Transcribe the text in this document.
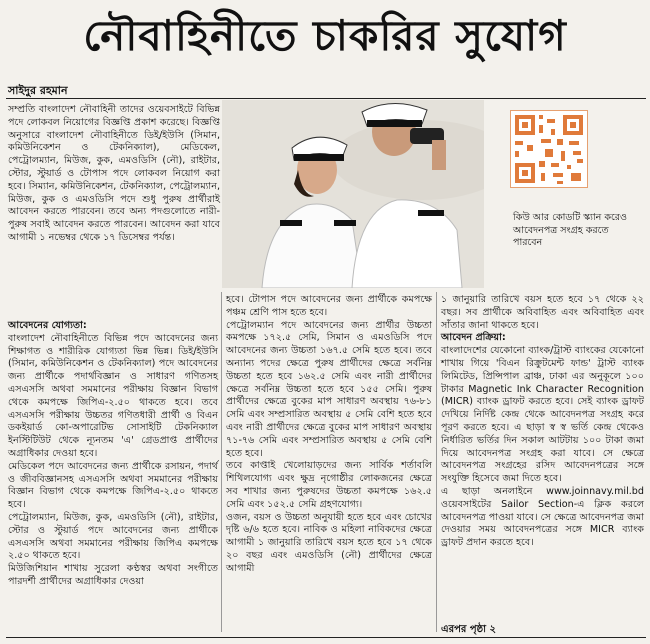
নৌবাহিনীতে চাকরির সুযোগ
সাইদুর রহমান

সম্প্রতি বাংলাদেশ নৌবাহিনী তাদের ওয়েবসাইটে বিভিন্ন পদে লোকবল নিয়োগের বিজ্ঞপ্তি প্রকাশ করেছে। বিজ্ঞপ্তি অনুসারে বাংলাদেশ নৌবাহিনীতে ডিই/ইউসি (সিমান, কমিউনিকেশন ও টেকনিক্যাল), মেডিকেল, পেট্রোলম্যান, মিউজ, কুক, এমওডিসি (নৌ), রাইটার, স্টোর, স্টুয়ার্ড ও টোপাস পদে লোকবল নিয়োগ করা হবে। সিম্যান, কমিউনিকেশন, টেকনিক্যাল, পেট্রোলম্যান, মিউজ, কুক ও এমওডিসি পদে শুধু পুরুষ প্রার্থীরাই আবেদন করতে পারবেন। তবে অন্য পদগুলোতে নারী-পুরুষ সবাই আবেদন করতে পারবেন। আবেদন করা যাবে আগামী ১ নভেম্বর থেকে ১৭ ডিসেম্বর পর্যন্ত।

কিউ আর কোডটি স্ক্যান করেও আবেদনপত্র সংগ্রহ করতে পারবেন

আবেদনের যোগ্যতা:

বাংলাদেশ নৌবাহিনীতে বিভিন্ন পদে আবেদনের জন্য শিক্ষাগত ও শারীরিক যোগ্যতা ভিন্ন ভিন্ন। ডিই/ইউসি (সিমান, কমিউনিকেশন ও টেকনিক্যাল) পদে আবেদনের জন্য প্রার্থীকে পদার্থবিজ্ঞান ও সাধারণ গণিতসহ এসএসসি অথবা সমমানের পরীক্ষায় বিজ্ঞান বিভাগ থেকে কমপক্ষে জিপিএ-২.৫০ থাকতে হবে। তবে এসএসসি পরীক্ষায় উচ্চতর গণিতধারী প্রার্থী ও বিএন ডকইয়ার্ড কো-অপারেটিভ সোসাইটি টেকনিক্যাল ইনস্টিটিউট থেকে ন্যূনতম 'এ' গ্রেডপ্রাপ্ত প্রার্থীদের অগ্রাধিকার দেওয়া হবে।

মেডিকেল পদে আবেদনের জন্য প্রার্থীকে রসায়ন, পদার্থ ও জীববিজ্ঞানসহ এসএসসি অথবা সমমানের পরীক্ষায় বিজ্ঞান বিভাগ থেকে কমপক্ষে জিপিএ-২.৫০ থাকতে হবে।

পেট্রোলম্যান, মিউজ, কুক, এমওডিসি (নৌ), রাইটার, স্টোর ও স্টুয়ার্ড পদে আবেদনের জন্য প্রার্থীকে এসএসসি অথবা সমমানের পরীক্ষায় জিপিএ কমপক্ষে ২.৫০ থাকতে হবে।

মিউজিশিয়ান শাখায় সুরেলা কণ্ঠস্বর অথবা সংগীতে পারদর্শী প্রার্থীদের অগ্রাধিকার দেওয়া

হবে। টোপাস পদে আবেদনের জন্য প্রার্থীকে কমপক্ষে পঞ্চম শ্রেণি পাস হতে হবে।

পেট্রোলম্যান পদে আবেদনের জন্য প্রার্থীর উচ্চতা কমপক্ষে ১৭২.৫ সেমি, সিমান ও এমওডিসি পদে আবেদনের জন্য উচ্চতা ১৬৭.৫ সেমি হতে হবে। তবে অন্যান্য পদের ক্ষেত্রে পুরুষ প্রার্থীদের ক্ষেত্রে সর্বনিম্ন উচ্চতা হতে হবে ১৬২.৫ সেমি এবং নারী প্রার্থীদের ক্ষেত্রে সর্বনিম্ন উচ্চতা হতে হবে ১৫৫ সেমি। পুরুষ প্রার্থীদের ক্ষেত্রে বুকের মাপ সাধারণ অবস্থায় ৭৬-৮১ সেমি এবং সম্প্রসারিত অবস্থায় ৫ সেমি বেশি হতে হবে এবং নারী প্রার্থীদের ক্ষেত্রে বুকের মাপ সাধারণ অবস্থায় ৭১-৭৬ সেমি এবং সম্প্রসারিত অবস্থায় ৫ সেমি বেশি হতে হবে।

তবে কাপ্তাই খেলোয়াড়দের জন্য সার্বিক শর্তাবলি শিথিলযোগ্য এবং ক্ষুদ্র নৃগোষ্ঠীর লোকজনের ক্ষেত্রে সব শাখার জন্য পুরুষদের উচ্চতা কমপক্ষে ১৬২.৫ সেমি এবং ১৫২.৫ সেমি গ্রহণযোগ্য।

ওজন, বয়স ও উচ্চতা অনুযায়ী হতে হবে এবং চোখের দৃষ্টি ৬/৬ হতে হবে। নাবিক ও মহিলা নাবিকদের ক্ষেত্রে আগামী ১ জানুয়ারি তারিখে বয়স হতে হবে ১৭ থেকে ২০ বছর এবং এমওডিসি (নৌ) প্রার্থীদের ক্ষেত্রে আগামী

১ জানুয়ারি তারিখে বয়স হতে হবে ১৭ থেকে ২২ বছর। সব প্রার্থীকে অবিবাহিত এবং অবিবাহিত এবং সাঁতার জানা থাকতে হবে।

আবেদন প্রক্রিয়া:

বাংলাদেশের যেকোনো ব্যাংক/ট্রাস্ট ব্যাংকের যেকোনো শাখায় গিয়ে 'বিএন রিক্রুটমেন্ট ফান্ড' ট্রাস্ট ব্যাংক লিমিটেড, প্রিন্সিপাল ব্রাঞ্চ, ঢাকা এর অনুকূলে ১০০ টাকার Magnetic Ink Character Recognition (MICR) ব্যাংক ড্রাফট করতে হবে। সেই ব্যাংক ড্রাফট দেখিয়ে নির্দিষ্ট কেন্দ্র থেকে আবেদনপত্র সংগ্রহ করে পূরণ করতে হবে। এ ছাড়া স্ব স্ব ভর্তি কেন্দ্র থেকেও নির্ধারিত ভর্তির দিন সকাল আটটায় ১০০ টাকা জমা দিয়ে আবেদনপত্র সংগ্রহ করা যাবে। সে ক্ষেত্রে আবেদনপত্র সংগ্রহের রসিদ আবেদনপত্রের সঙ্গে সংযুক্তি হিসেবে জমা দিতে হবে।

এ ছাড়া অনলাইনে www.joinnavy.mil.bd ওয়েবসাইটের Sailor Section-এ ক্লিক করলে আবেদনপত্র পাওয়া যাবে। সে ক্ষেত্রে আবেদনপত্র জমা দেওয়ার সময় আবেদনপত্রের সঙ্গে MICR ব্যাংক ড্রাফট প্রদান করতে হবে।

এরপর পৃষ্ঠা ২
